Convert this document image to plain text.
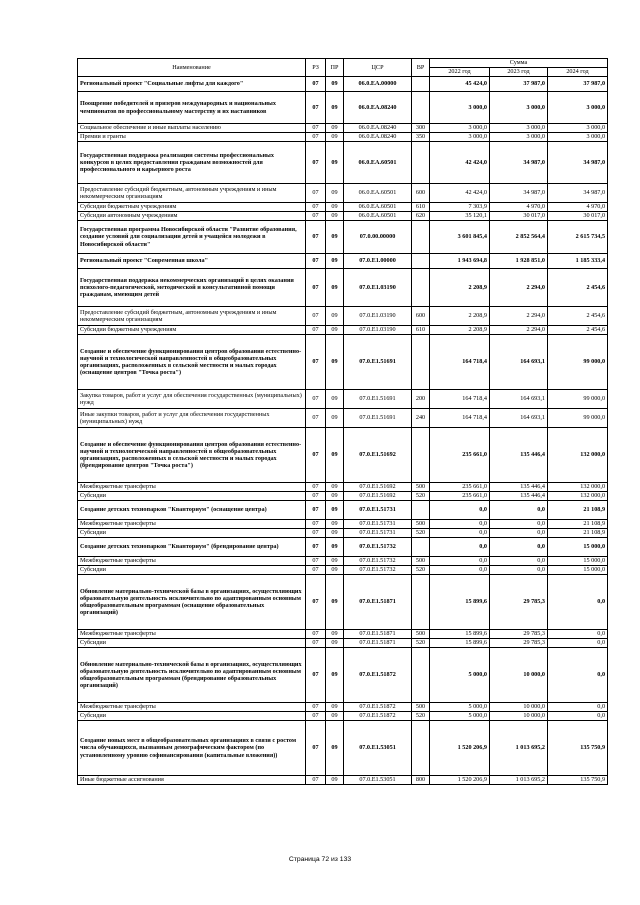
Наименование	РЗ	ПР	ЦСР	ВР	Сумма		
					2022 год	2023 год	2024 год
Региональный проект "Социальные лифты для каждого"	07	09	06.0.EA.00000		45 424,0	37 987,0	37 987,0
Поощрение победителей и призеров международных и национальных чемпионатов по профессиональному мастерству и их наставников	07	09	06.0.EA.08240		3 000,0	3 000,0	3 000,0
Социальное обеспечение и иные выплаты населению	07	09	06.0.EA.08240	300	3 000,0	3 000,0	3 000,0
Премии и гранты	07	09	06.0.EA.08240	350	3 000,0	3 000,0	3 000,0
Государственная поддержка реализации системы профессиональных конкурсов в целях предоставления гражданам возможностей для профессионального и карьерного роста	07	09	06.0.EA.60501		42 424,0	34 987,0	34 987,0
Предоставление субсидий бюджетным, автономным учреждениям и иным некоммерческим организациям	07	09	06.0.EA.60501	600	42 424,0	34 987,0	34 987,0
Субсидии бюджетным учреждениям	07	09	06.0.EA.60501	610	7 303,9	4 970,0	4 970,0
Субсидии автономным учреждениям	07	09	06.0.EA.60501	620	35 120,1	30 017,0	30 017,0
Государственная программа Новосибирской области "Развитие образования, создание условий для социализации детей и учащейся молодежи в Новосибирской области"	07	09	07.0.00.00000		3 601 845,4	2 852 564,4	2 615 734,5
Региональный проект "Современная школа"	07	09	07.0.E1.00000		1 943 694,8	1 928 851,0	1 185 333,4
Государственная поддержка некоммерческих организаций в целях оказания психолого-педагогической, методической и консультативной помощи гражданам, имеющим детей	07	09	07.0.E1.03190		2 208,9	2 294,0	2 454,6
Предоставление субсидий бюджетным, автономным учреждениям и иным некоммерческим организациям	07	09	07.0.E1.03190	600	2 208,9	2 294,0	2 454,6
Субсидии бюджетным учреждениям	07	09	07.0.E1.03190	610	2 208,9	2 294,0	2 454,6
Создание и обеспечение функционирования центров образования естественно-научной и технологической направленностей в общеобразовательных организациях, расположенных в сельской местности и малых городах (оснащение центров "Точка роста")	07	09	07.0.E1.51691		164 718,4	164 693,1	99 000,0
Закупка товаров, работ и услуг для обеспечения государственных (муниципальных) нужд	07	09	07.0.E1.51691	200	164 718,4	164 693,1	99 000,0
Иные закупки товаров, работ и услуг для обеспечения государственных (муниципальных) нужд	07	09	07.0.E1.51691	240	164 718,4	164 693,1	99 000,0
Создание и обеспечение функционирования центров образования естественно-научной и технологической направленностей в общеобразовательных организациях, расположенных в сельской местности и малых городах (брендирование центров "Точка роста")	07	09	07.0.E1.51692		235 661,0	135 446,4	132 000,0
Межбюджетные трансферты	07	09	07.0.E1.51692	500	235 661,0	135 446,4	132 000,0
Субсидии	07	09	07.0.E1.51692	520	235 661,0	135 446,4	132 000,0
Создание детских технопарков "Кванториум" (оснащение центра)	07	09	07.0.E1.51731		0,0	0,0	21 108,9
Межбюджетные трансферты	07	09	07.0.E1.51731	500	0,0	0,0	21 108,9
Субсидии	07	09	07.0.E1.51731	520	0,0	0,0	21 108,9
Создание детских технопарков "Кванториум" (брендирование центра)	07	09	07.0.E1.51732		0,0	0,0	15 000,0
Межбюджетные трансферты	07	09	07.0.E1.51732	500	0,0	0,0	15 000,0
Субсидии	07	09	07.0.E1.51732	520	0,0	0,0	15 000,0
Обновление материально-технической базы в организациях, осуществляющих образовательную деятельность исключительно по адаптированным основным общеобразовательным программам (оснащение образовательных организаций)	07	09	07.0.E1.51871		15 899,6	29 785,3	0,0
Межбюджетные трансферты	07	09	07.0.E1.51871	500	15 899,6	29 785,3	0,0
Субсидии	07	09	07.0.E1.51871	520	15 899,6	29 785,3	0,0
Обновление материально-технической базы в организациях, осуществляющих образовательную деятельность исключительно по адаптированным основным общеобразовательным программам (брендирование образовательных организаций)	07	09	07.0.E1.51872		5 000,0	10 000,0	0,0
Межбюджетные трансферты	07	09	07.0.E1.51872	500	5 000,0	10 000,0	0,0
Субсидии	07	09	07.0.E1.51872	520	5 000,0	10 000,0	0,0
Создание новых мест в общеобразовательных организациях в связи с ростом числа обучающихся, вызванным демографическим фактором (по установленному уровню софинансирования (капитальные вложения))	07	09	07.0.E1.53051		1 520 206,9	1 013 695,2	135 750,9
Иные бюджетные ассигнования	07	09	07.0.E1.53051	800	1 520 206,9	1 013 695,2	135 750,9
Страница 72 из 133
